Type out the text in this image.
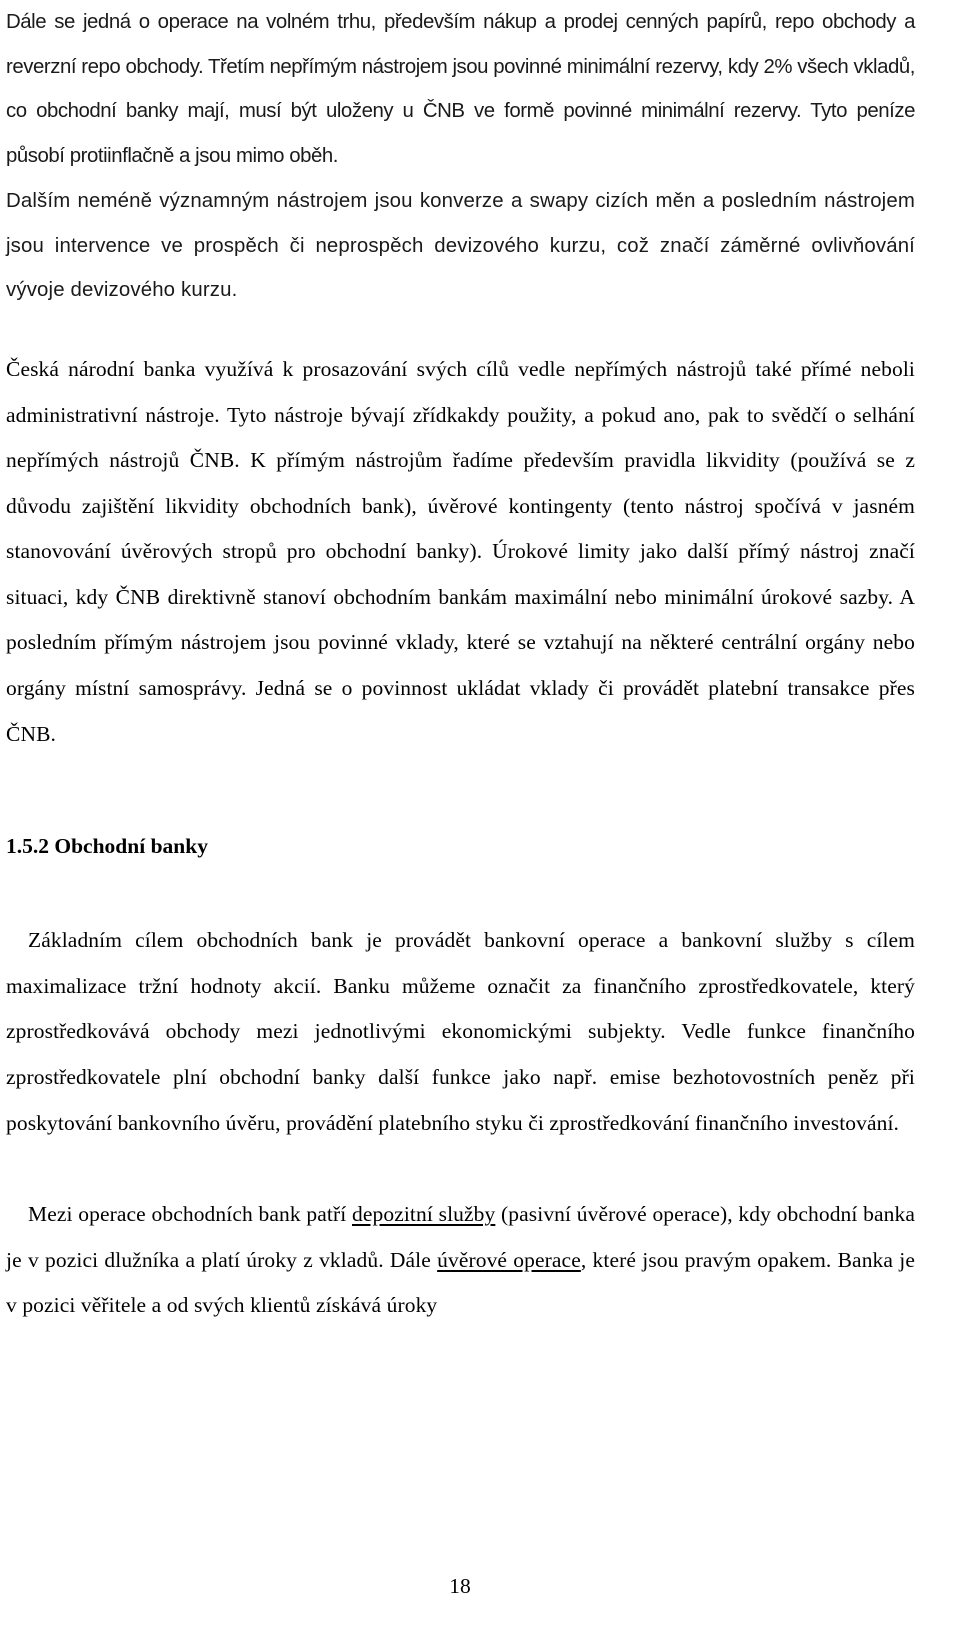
Dále se jedná o operace na volném trhu, především nákup a prodej cenných papírů, repo obchody a reverzní repo obchody. Třetím nepřímým nástrojem jsou povinné minimální rezervy, kdy 2% všech vkladů, co obchodní banky mají, musí být uloženy u ČNB ve formě povinné minimální rezervy. Tyto peníze působí protiinflačně a jsou mimo oběh.

Dalším neméně významným nástrojem jsou konverze a swapy cizích měn a posledním nástrojem jsou intervence ve prospěch či neprospěch devizového kurzu, což značí záměrné ovlivňování vývoje devizového kurzu.

Česká národní banka využívá k prosazování svých cílů vedle nepřímých nástrojů také přímé neboli administrativní nástroje. Tyto nástroje bývají zřídkakdy použity, a pokud ano, pak to svědčí o selhání nepřímých nástrojů ČNB. K přímým nástrojům řadíme především pravidla likvidity (používá se z důvodu zajištění likvidity obchodních bank), úvěrové kontingenty (tento nástroj spočívá v jasném stanovování úvěrových stropů pro obchodní banky). Úrokové limity jako další přímý nástroj značí situaci, kdy ČNB direktivně stanoví obchodním bankám maximální nebo minimální úrokové sazby. A posledním přímým nástrojem jsou povinné vklady, které se vztahují na některé centrální orgány nebo orgány místní samosprávy. Jedná se o povinnost ukládat vklady či provádět platební transakce přes ČNB.

1.5.2 Obchodní banky

Základním cílem obchodních bank je provádět bankovní operace a bankovní služby s cílem maximalizace tržní hodnoty akcií. Banku můžeme označit za finančního zprostředkovatele, který zprostředkovává obchody mezi jednotlivými ekonomickými subjekty. Vedle funkce finančního zprostředkovatele plní obchodní banky další funkce jako např. emise bezhotovostních peněz při poskytování bankovního úvěru, provádění platebního styku či zprostředkování finančního investování.

Mezi operace obchodních bank patří depozitní služby (pasivní úvěrové operace), kdy obchodní banka je v pozici dlužníka a platí úroky z vkladů. Dále úvěrové operace, které jsou pravým opakem. Banka je v pozici věřitele a od svých klientů získává úroky

18
